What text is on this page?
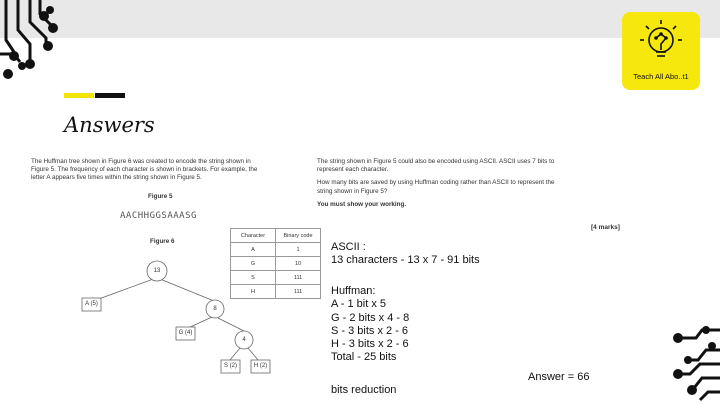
Teach All Abo..t1
Answers
The Huffman tree shown in Figure 6 was created to encode the string shown in
Figure 5. The frequency of each character is shown in brackets. For example, the
letter A appears five times within the string shown in Figure 5.
Figure 5
AACHHGGSAAASG
Figure 6
Character	Binary code
A	1
G	10
S	111
H	111
13
A (5)
8
G (4)
4
S (2)	H (2)
The string shown in Figure 5 could also be encoded using ASCII. ASCII uses 7 bits to
represent each character.
How many bits are saved by using Huffman coding rather than ASCII to represent the
string shown in Figure 5?
You must show your working.
[4 marks]
ASCII :
13 characters - 13 x 7 - 91 bits
Huffman:
A - 1 bit x 5
G - 2 bits x 4 - 8
S - 3 bits x 2 - 6
H - 3 bits x 2 - 6
Total - 25 bits
bits reduction
Answer = 66
